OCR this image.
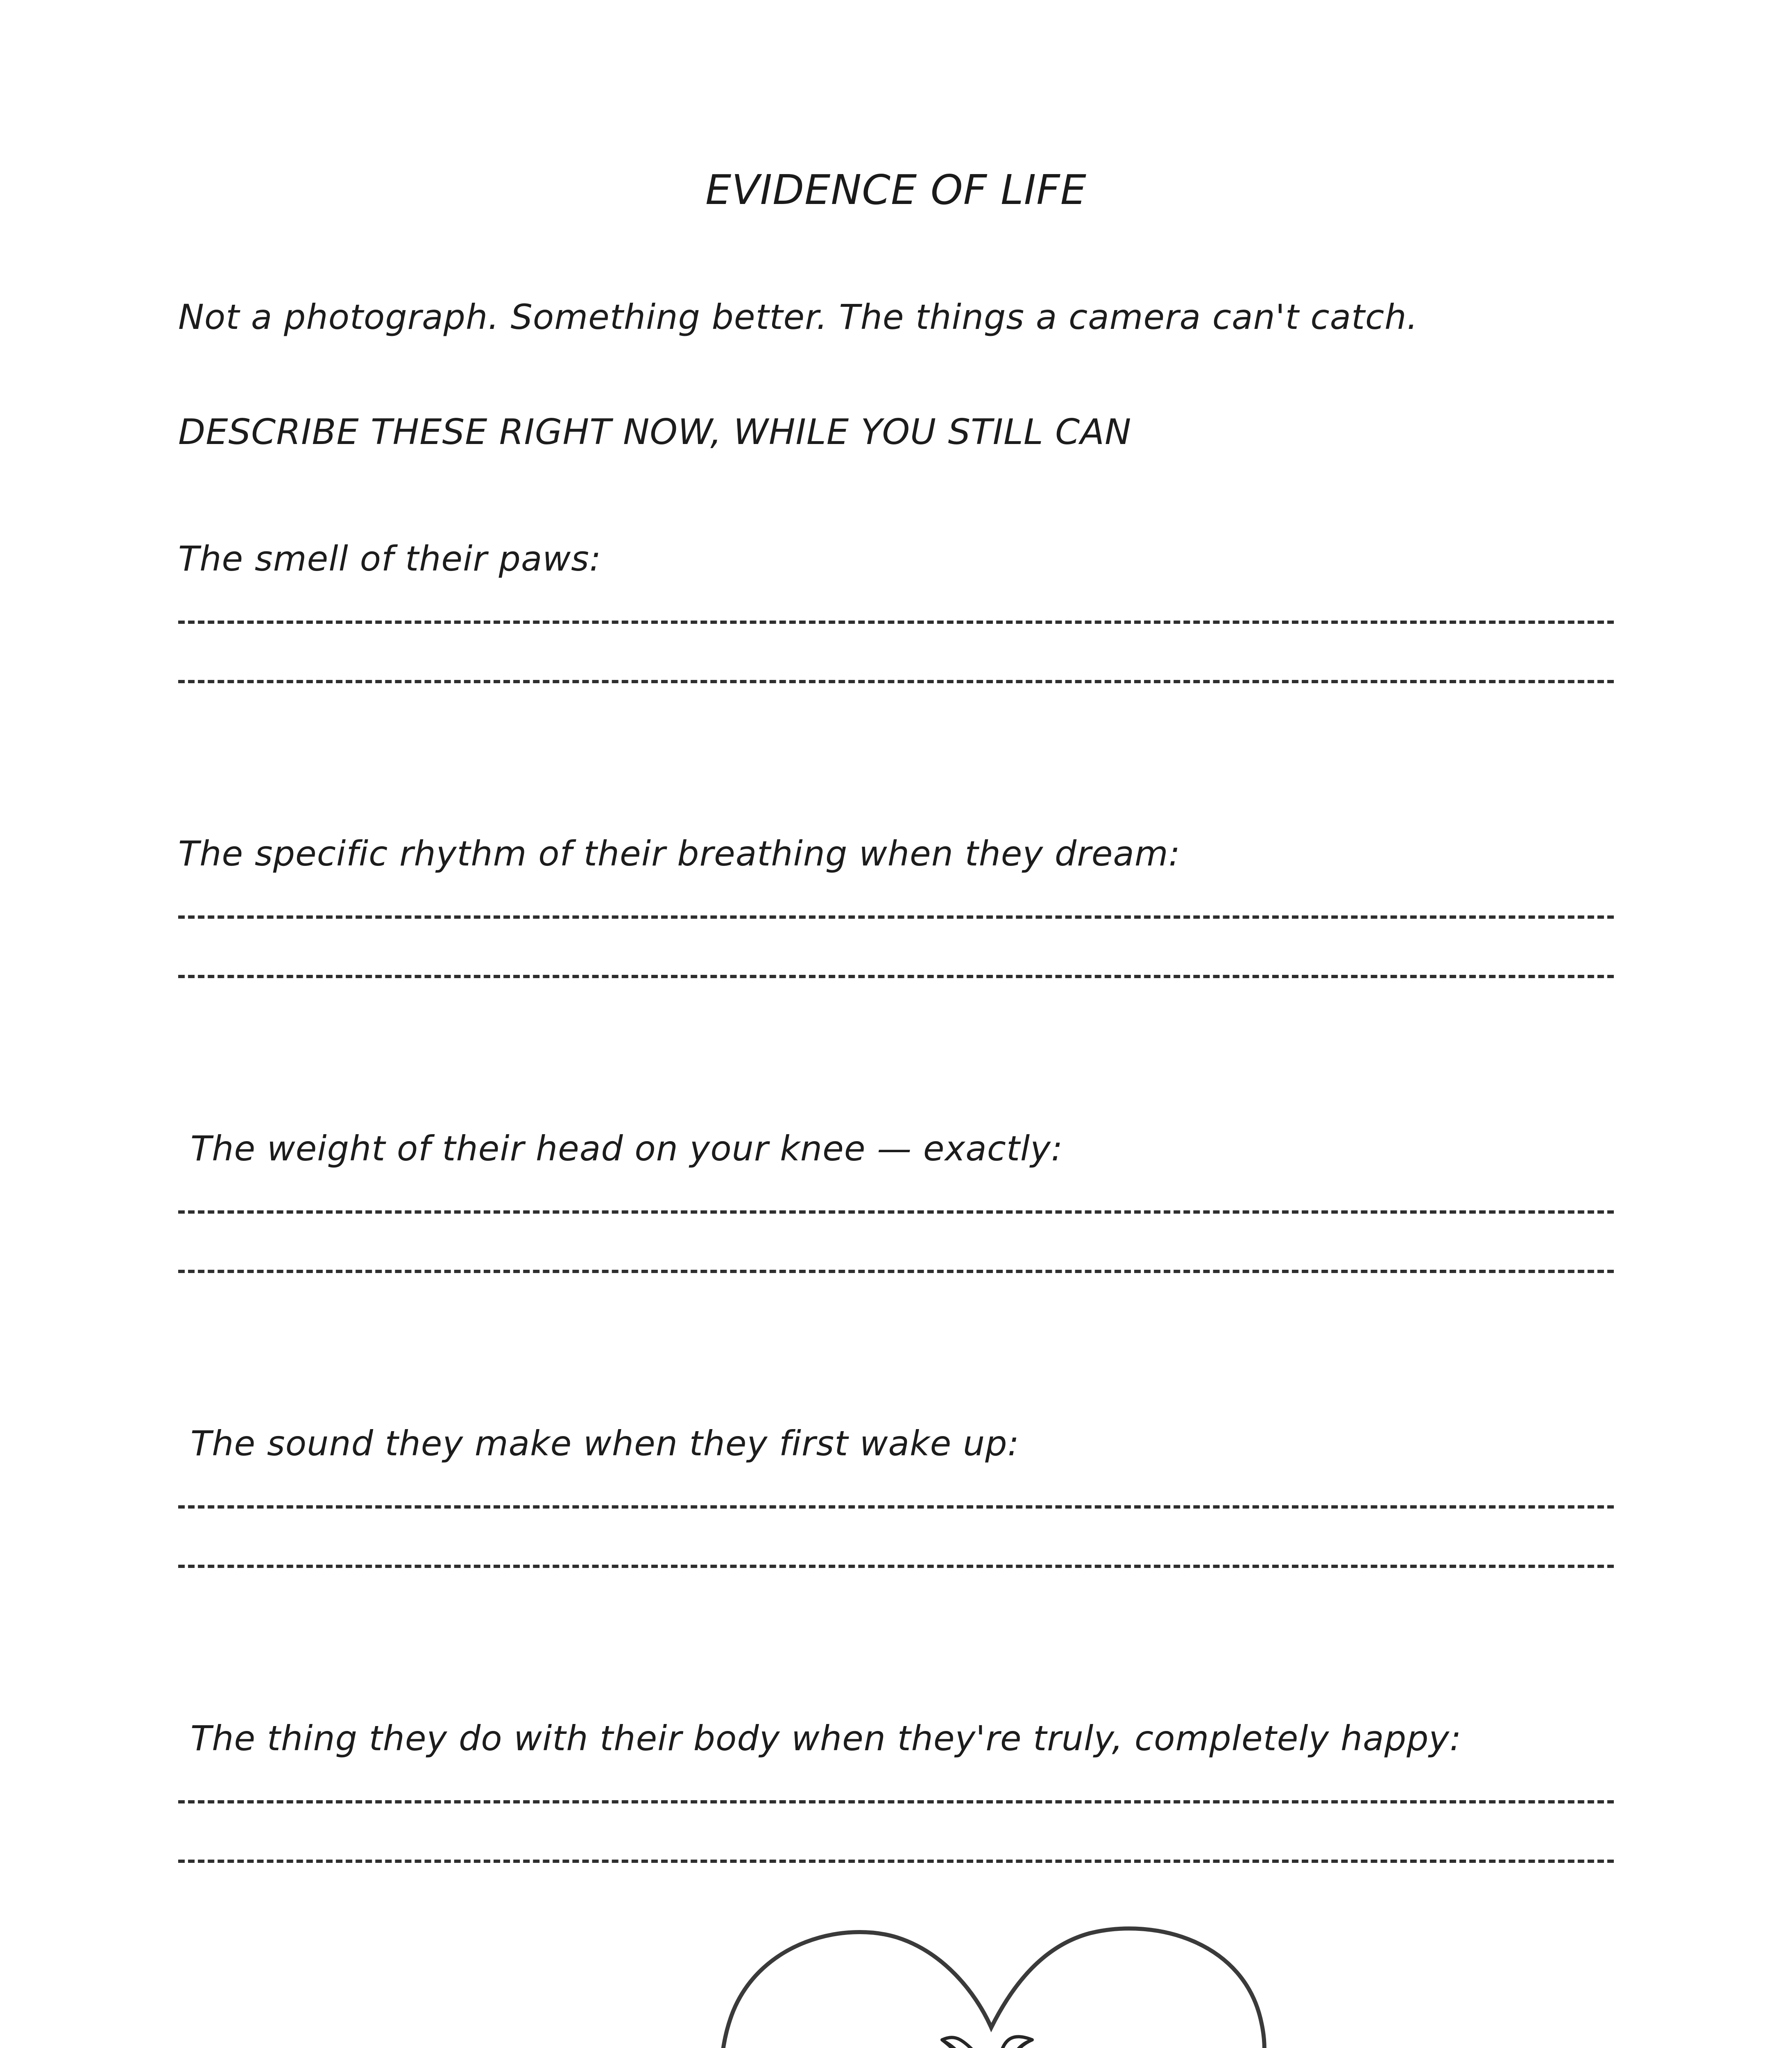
EVIDENCE OF LIFE
Not a photograph. Something better. The things a camera can't catch.
DESCRIBE THESE RIGHT NOW, WHILE YOU STILL CAN
The smell of their paws:
The specific rhythm of their breathing when they dream:
The weight of their head on your knee — exactly:
The sound they make when they first wake up:
The thing they do with their body when they're truly, completely happy:
